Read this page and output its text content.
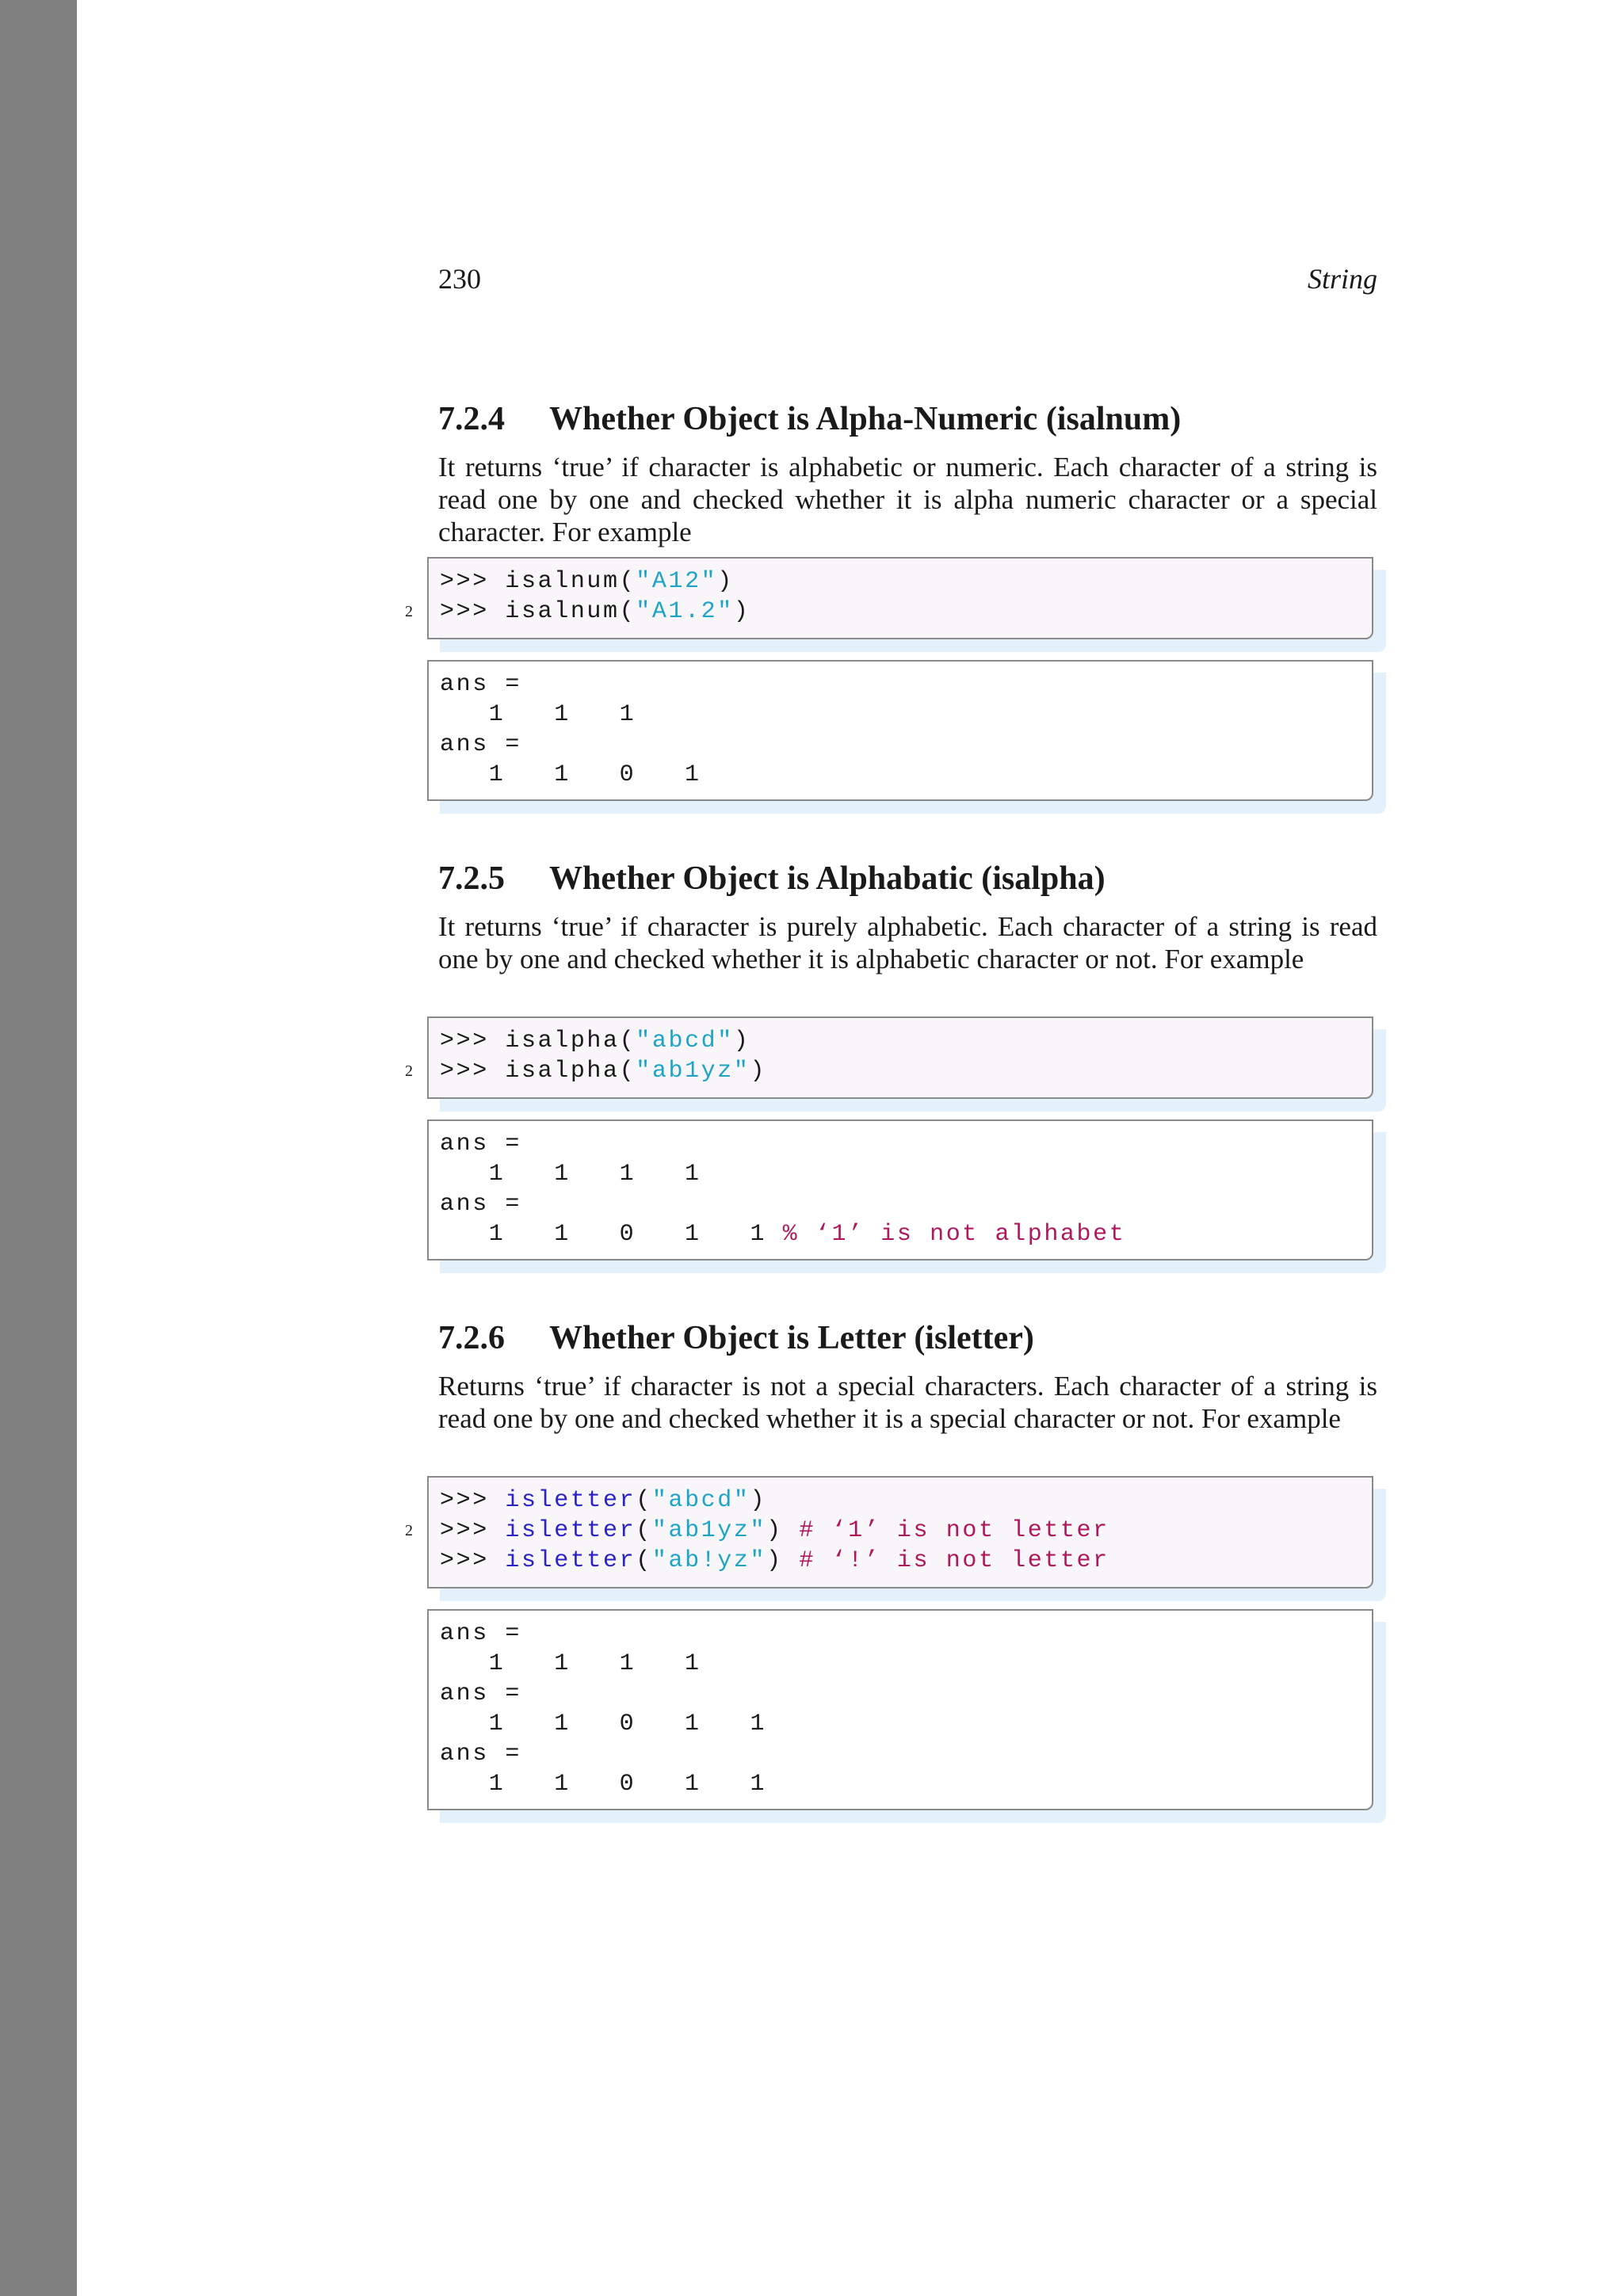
230	String
7.2.4 Whether Object is Alpha-Numeric (isalnum)

It returns ‘true’ if character is alphabetic or numeric. Each character of a string is read one by one and checked whether it is alpha numeric character or a special character. For example

>>> isalnum("A12")
2 >>> isalnum("A1.2")
ans =
1   1   1
ans =
1   1   0   1
7.2.5 Whether Object is Alphabatic (isalpha)

It returns ‘true’ if character is purely alphabetic. Each character of a string is read one by one and checked whether it is alphabetic character or not. For example

>>> isalpha("abcd")
2 >>> isalpha("ab1yz")
ans =
1   1   1   1
ans =
1   1   0   1   1 % ‘1’ is not alphabet
7.2.6 Whether Object is Letter (isletter)

Returns ‘true’ if character is not a special characters. Each character of a string is read one by one and checked whether it is a special character or not. For example

>>> isletter("abcd")
2 >>> isletter("ab1yz") # ‘1’ is not letter
>>> isletter("ab!yz") # ‘!’ is not letter
ans =
1   1   1   1
ans =
1   1   0   1   1
ans =
1   1   0   1   1
